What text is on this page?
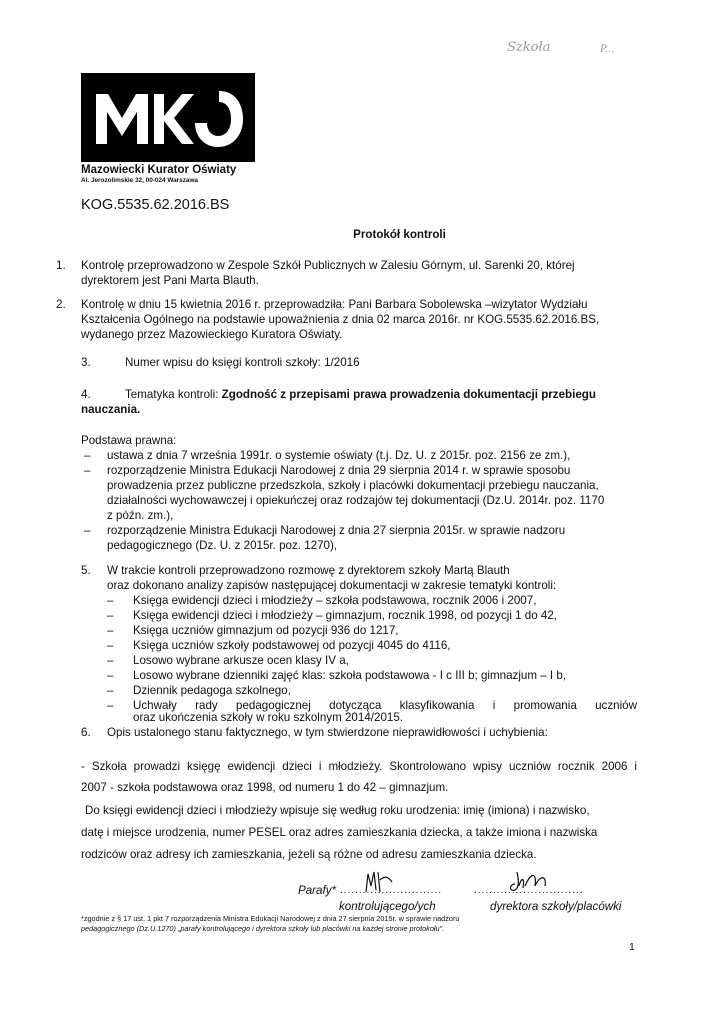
Szkoła	P...
Mazowiecki Kurator Oświaty
Al. Jerozolimskie 32, 00-024 Warszawa
KOG.5535.62.2016.BS
Protokół kontroli
1. Kontrolę przeprowadzono w Zespole Szkół Publicznych w Zalesiu Górnym, ul. Sarenki 20, której
dyrektorem jest Pani Marta Blauth.
2. Kontrolę w dniu 15 kwietnia 2016 r. przeprowadziła: Pani Barbara Sobolewska –wizytator Wydziału
Kształcenia Ogólnego na podstawie upoważnienia z dnia 02 marca 2016r. nr KOG.5535.62.2016.BS,
wydanego przez Mazowieckiego Kuratora Oświaty.
3.	Numer wpisu do księgi kontroli szkoły: 1/2016
4.	Tematyka kontroli: Zgodność z przepisami prawa prowadzenia dokumentacji przebiegu
nauczania.
Podstawa prawna:
– ustawa z dnia 7 września 1991r. o systemie oświaty (t.j. Dz. U. z 2015r. poz. 2156 ze zm.),
– rozporządzenie Ministra Edukacji Narodowej z dnia 29 sierpnia 2014 r. w sprawie sposobu
prowadzenia przez publiczne przedszkola, szkoły i placówki dokumentacji przebiegu nauczania,
działalności wychowawczej i opiekuńczej oraz rodzajów tej dokumentacji (Dz.U. 2014r. poz. 1170
z późn. zm.),
– rozporządzenie Ministra Edukacji Narodowej z dnia 27 sierpnia 2015r. w sprawie nadzoru
pedagogicznego (Dz. U. z 2015r. poz. 1270),
5. W trakcie kontroli przeprowadzono rozmowę z dyrektorem szkoły Martą Blauth
oraz dokonano analizy zapisów następującej dokumentacji w zakresie tematyki kontroli:
– Księga ewidencji dzieci i młodzieży – szkoła podstawowa, rocznik 2006 i 2007,
– Księga ewidencji dzieci i młodzieży – gimnazjum, rocznik 1998, od pozycji 1 do 42,
– Księga uczniów gimnazjum od pozycji 936 do 1217,
– Księga uczniów szkoły podstawowej od pozycji 4045 do 4116,
– Losowo wybrane arkusze ocen klasy IV a,
– Losowo wybrane dzienniki zajęć klas: szkoła podstawowa - I c III b; gimnazjum – I b,
– Dziennik pedagoga szkolnego,
– Uchwały rady pedagogicznej dotycząca klasyfikowania i promowania uczniów
oraz ukończenia szkoły w roku szkolnym 2014/2015.
6. Opis ustalonego stanu faktycznego, w tym stwierdzone nieprawidłowości i uchybienia:
- Szkoła prowadzi księgę ewidencji dzieci i młodzieży. Skontrolowano wpisy uczniów rocznik 2006 i
2007 - szkoła podstawowa oraz 1998, od numeru 1 do 42 – gimnazjum.
Do księgi ewidencji dzieci i młodzieży wpisuje się według roku urodzenia: imię (imiona) i nazwisko,
datę i miejsce urodzenia, numer PESEL oraz adres zamieszkania dziecka, a także imiona i nazwiska
rodziców oraz adresy ich zamieszkania, jeżeli są różne od adresu zamieszkania dziecka.
Parafy* ...........................	.............................
kontrolującego/ych	dyrektora szkoły/placówki
*zgodnie z § 17 ust. 1 pkt 7 rozporządzenia Ministra Edukacji Narodowej z dnia 27 sierpnia 2015r. w sprawie nadzoru
pedagogicznego (Dz.U.1270) „parafy kontrolującego i dyrektora szkoły lub placówki na każdej stronie protokołu".
1
